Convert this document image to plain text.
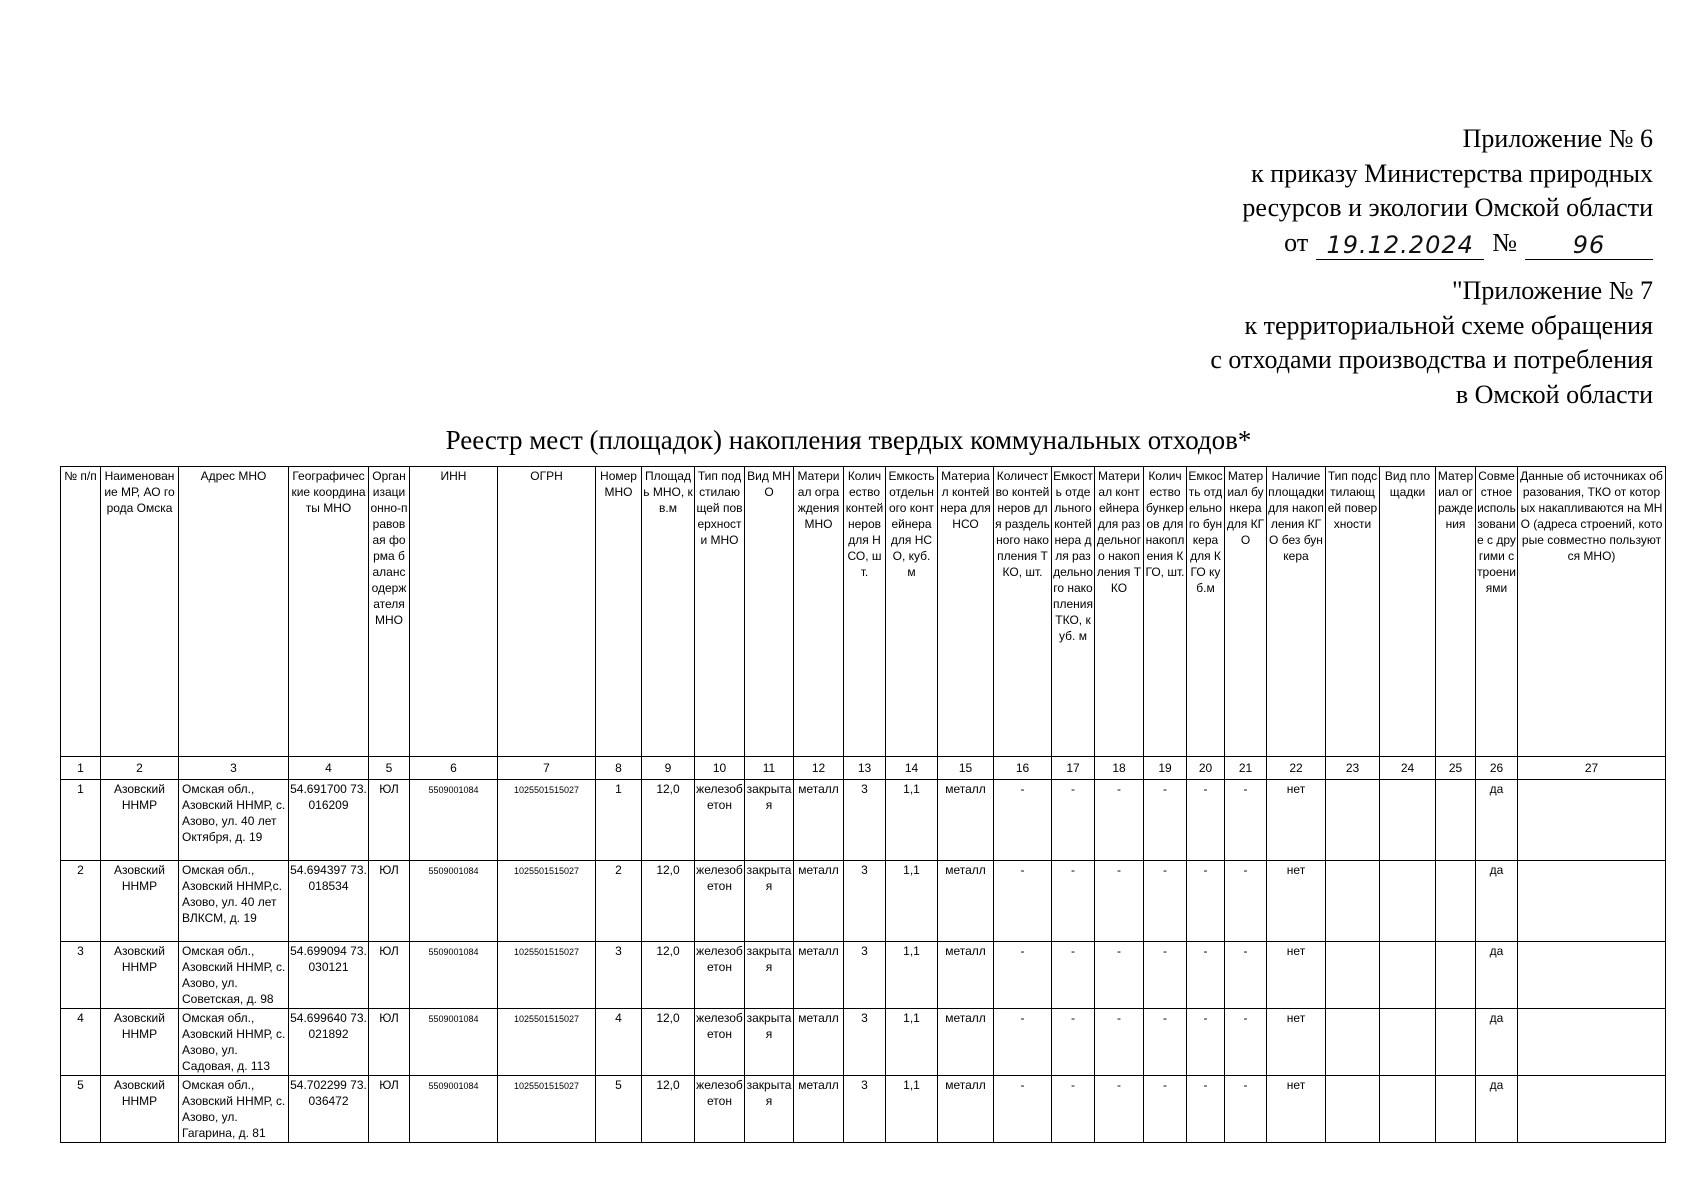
Приложение № 6
к приказу Министерства природных
ресурсов и экологии Омской области
от 19.12.2024 №	96
"Приложение № 7
к территориальной схеме обращения
с отходами производства и потребления
в Омской области
Реестр мест (площадок) накопления твердых коммунальных отходов*
№ п/п	Наименование МР, АО города Омска	Адрес МНО	Географические координаты МНО	Организационно-правовая форма балансодержателя МНО	ИНН	ОГРН	Номер МНО	Площадь МНО, кв.м	Тип подстилающей поверхности МНО	Вид МНО	Материал ограждения МНО	Количество контейнеров для НСО, шт.	Емкость отдельного контейнера для НСО, куб. м	Материал контейнера для НСО	Количество контейнеров для раздельного накопления ТКО, шт.	Емкость отдельного контейнера для раздельного накопления ТКО, куб. м	Материал контейнера для раздельного накопления ТКО	Количество бункеров для накопления КГО, шт.	Емкость отдельного бункера для КГО куб.м	Материал бункера для КГО	Наличие площадки для накопления КГО без бункера	Тип подстилающей поверхности	Вид площадки	Материал ограждения	Совместное использование с другими строениями	Данные об источниках образования, ТКО от которых накапливаются на МНО (адреса строений, которые совместно пользуются МНО)
1	2	3	4	5	6	7	8	9	10	11	12	13	14	15	16	17	18	19	20	21	22	23	24	25	26	27
1	Азовский ННМР	Омская обл., Азовский ННМР, с. Азово, ул. 40 лет Октября, д. 19	54.691700 73.016209	ЮЛ	5509001084	1025501515027	1	12,0	железобетон	закрытая	металл	3	1,1	металл	-	-	-	-	-	-	нет				да	
2	Азовский ННМР	Омская обл., Азовский ННМР,с. Азово, ул. 40 лет ВЛКСМ, д. 19	54.694397 73.018534	ЮЛ	5509001084	1025501515027	2	12,0	железобетон	закрытая	металл	3	1,1	металл	-	-	-	-	-	-	нет				да	
3	Азовский ННМР	Омская обл., Азовский ННМР, с. Азово, ул. Советская, д. 98	54.699094 73.030121	ЮЛ	5509001084	1025501515027	3	12,0	железобетон	закрытая	металл	3	1,1	металл	-	-	-	-	-	-	нет				да	
4	Азовский ННМР	Омская обл., Азовский ННМР, с. Азово, ул. Садовая, д. 113	54.699640 73.021892	ЮЛ	5509001084	1025501515027	4	12,0	железобетон	закрытая	металл	3	1,1	металл	-	-	-	-	-	-	нет				да	
5	Азовский ННМР	Омская обл., Азовский ННМР, с. Азово, ул. Гагарина, д. 81	54.702299 73.036472	ЮЛ	5509001084	1025501515027	5	12,0	железобетон	закрытая	металл	3	1,1	металл	-	-	-	-	-	-	нет				да	
